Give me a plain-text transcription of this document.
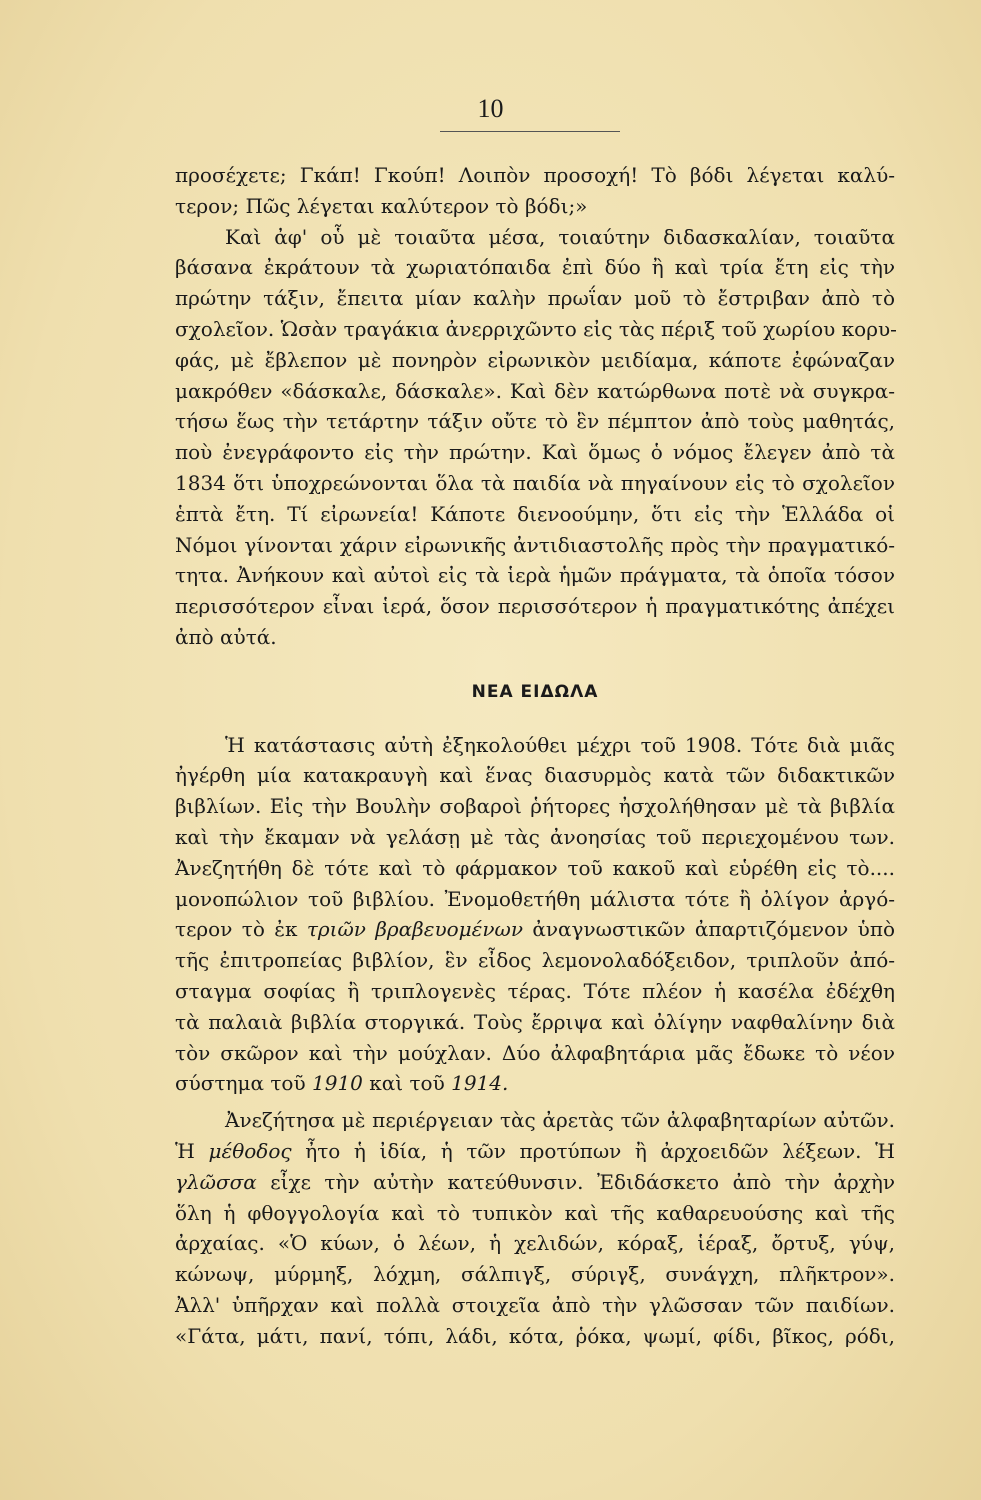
10
προσέχετε; Γκάπ! Γκούπ! Λοιπὸν προσοχή! Τὸ βόδι λέγεται καλύ-
τερον; Πῶς λέγεται καλύτερον τὸ βόδι;»
Καὶ ἀφ' οὗ μὲ τοιαῦτα μέσα, τοιαύτην διδασκαλίαν, τοιαῦτα
βάσανα ἐκράτουν τὰ χωριατόπαιδα ἐπὶ δύο ἢ καὶ τρία ἔτη εἰς τὴν
πρώτην τάξιν, ἔπειτα μίαν καλὴν πρωΐαν μοῦ τὸ ἔστριβαν ἀπὸ τὸ
σχολεῖον. Ὡσὰν τραγάκια ἀνερριχῶντο εἰς τὰς πέριξ τοῦ χωρίου κορυ-
φάς, μὲ ἔβλεπον μὲ πονηρὸν εἰρωνικὸν μειδίαμα, κάποτε ἐφώναζαν
μακρόθεν «δάσκαλε, δάσκαλε». Καὶ δὲν κατώρθωνα ποτὲ νὰ συγκρα-
τήσω ἕως τὴν τετάρτην τάξιν οὔτε τὸ ἓν πέμπτον ἀπὸ τοὺς μαθητάς,
ποὺ ἐνεγράφοντο εἰς τὴν πρώτην. Καὶ ὅμως ὁ νόμος ἔλεγεν ἀπὸ τὰ
1834 ὅτι ὑποχρεώνονται ὅλα τὰ παιδία νὰ πηγαίνουν εἰς τὸ σχολεῖον
ἑπτὰ ἔτη. Τί εἰρωνεία! Κάποτε διενοούμην, ὅτι εἰς τὴν Ἑλλάδα οἱ
Νόμοι γίνονται χάριν εἰρωνικῆς ἀντιδιαστολῆς πρὸς τὴν πραγματικό-
τητα. Ἀνήκουν καὶ αὐτοὶ εἰς τὰ ἱερὰ ἡμῶν πράγματα, τὰ ὁποῖα τόσον
περισσότερον εἶναι ἱερά, ὅσον περισσότερον ἡ πραγματικότης ἀπέχει
ἀπὸ αὐτά.
ΝΕΑ ΕΙΔΩΛΑ
Ἡ κατάστασις αὐτὴ ἐξηκολούθει μέχρι τοῦ 1908. Τότε διὰ μιᾶς
ἠγέρθη μία κατακραυγὴ καὶ ἕνας διασυρμὸς κατὰ τῶν διδακτικῶν
βιβλίων. Εἰς τὴν Βουλὴν σοβαροὶ ῥήτορες ἠσχολήθησαν μὲ τὰ βιβλία
καὶ τὴν ἔκαμαν νὰ γελάσῃ μὲ τὰς ἀνοησίας τοῦ περιεχομένου των.
Ἀνεζητήθη δὲ τότε καὶ τὸ φάρμακον τοῦ κακοῦ καὶ εὑρέθη εἰς τὸ....
μονοπώλιον τοῦ βιβλίου. Ἐνομοθετήθη μάλιστα τότε ἢ ὀλίγον ἀργό-
τερον τὸ ἐκ τριῶν βραβευομένων ἀναγνωστικῶν ἀπαρτιζόμενον ὑπὸ
τῆς ἐπιτροπείας βιβλίον, ἓν εἶδος λεμονολαδόξειδον, τριπλοῦν ἀπό-
σταγμα σοφίας ἢ τριπλογενὲς τέρας. Τότε πλέον ἡ κασέλα ἐδέχθη
τὰ παλαιὰ βιβλία στοργικά. Τοὺς ἔρριψα καὶ ὀλίγην ναφθαλίνην διὰ
τὸν σκῶρον καὶ τὴν μούχλαν. Δύο ἀλφαβητάρια μᾶς ἔδωκε τὸ νέον
σύστημα τοῦ 1910 καὶ τοῦ 1914.
Ἀνεζήτησα μὲ περιέργειαν τὰς ἀρετὰς τῶν ἀλφαβηταρίων αὐτῶν.
Ἡ μέθοδος ἦτο ἡ ἰδία, ἡ τῶν προτύπων ἢ ἀρχοειδῶν λέξεων. Ἡ
γλῶσσα εἶχε τὴν αὐτὴν κατεύθυνσιν. Ἐδιδάσκετο ἀπὸ τὴν ἀρχὴν
ὅλη ἡ φθογγολογία καὶ τὸ τυπικὸν καὶ τῆς καθαρευούσης καὶ τῆς
ἀρχαίας. «Ὁ κύων, ὁ λέων, ἡ χελιδών, κόραξ, ἱέραξ, ὄρτυξ, γύψ,
κώνωψ, μύρμηξ, λόχμη, σάλπιγξ, σύριγξ, συνάγχη, πλῆκτρον».
Ἀλλ' ὑπῆρχαν καὶ πολλὰ στοιχεῖα ἀπὸ τὴν γλῶσσαν τῶν παιδίων.
«Γάτα, μάτι, πανί, τόπι, λάδι, κότα, ῥόκα, ψωμί, φίδι, βῖκος, ρόδι,
